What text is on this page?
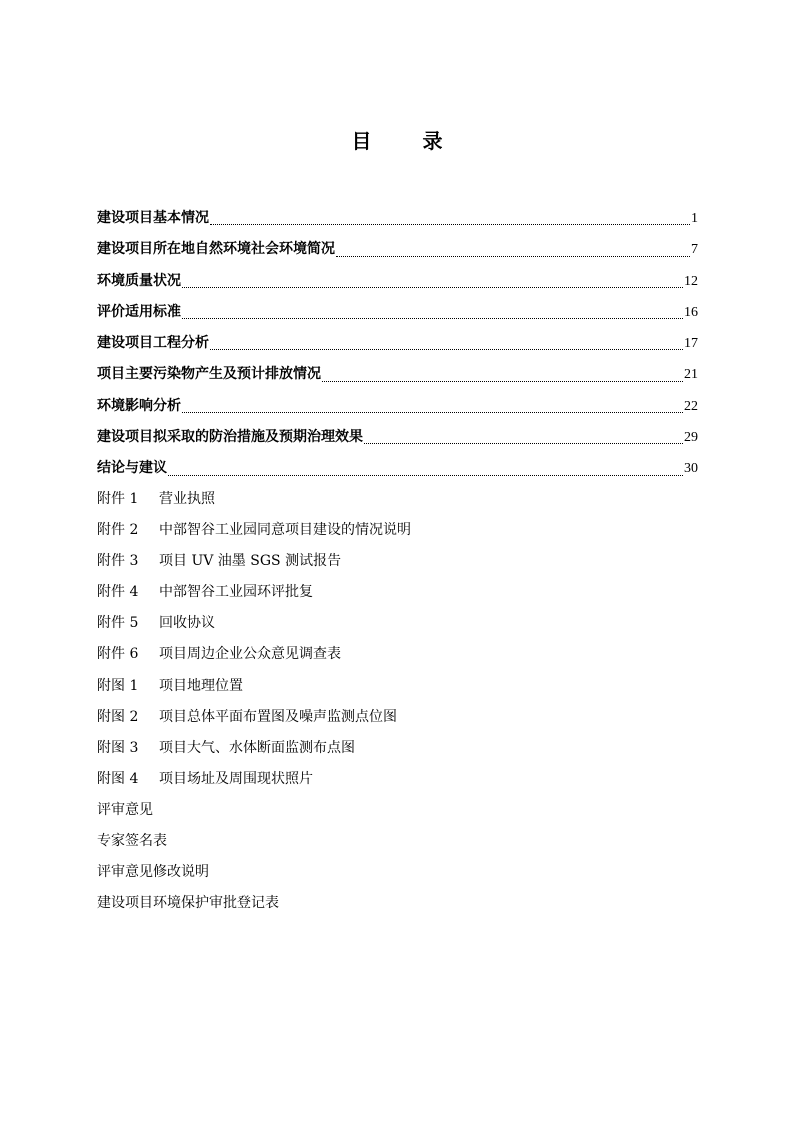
目 录
建设项目基本情况	1
建设项目所在地自然环境社会环境简况	7
环境质量状况	12
评价适用标准	16
建设项目工程分析	17
项目主要污染物产生及预计排放情况	21
环境影响分析	22
建设项目拟采取的防治措施及预期治理效果	29
结论与建议	30
附件 1 营业执照
附件 2 中部智谷工业园同意项目建设的情况说明
附件 3 项目 UV 油墨 SGS 测试报告
附件 4 中部智谷工业园环评批复
附件 5 回收协议
附件 6 项目周边企业公众意见调查表
附图 1 项目地理位置
附图 2 项目总体平面布置图及噪声监测点位图
附图 3 项目大气、水体断面监测布点图
附图 4 项目场址及周围现状照片
评审意见
专家签名表
评审意见修改说明
建设项目环境保护审批登记表
